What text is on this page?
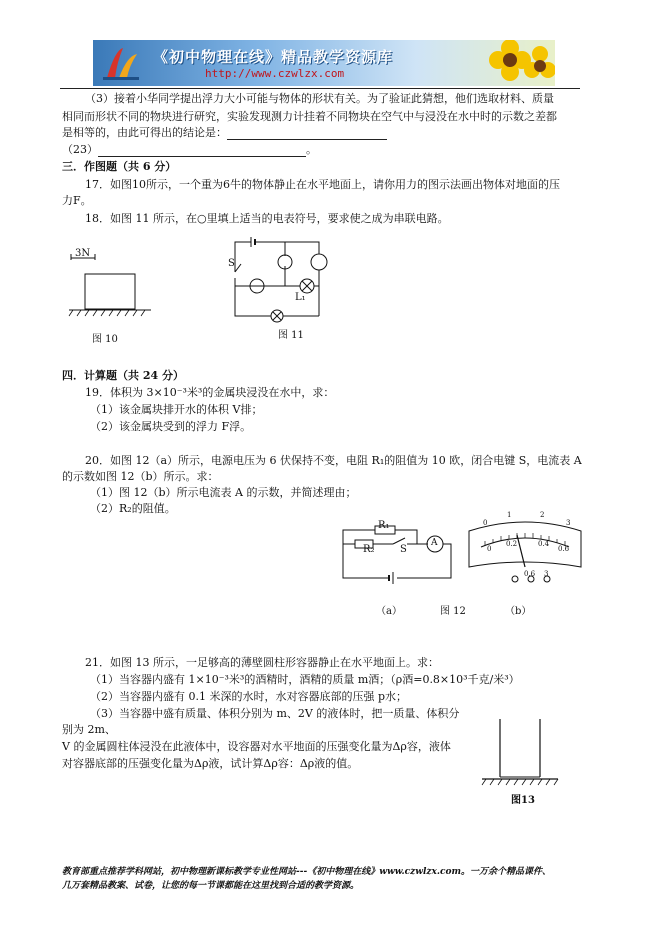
《初中物理在线》精品教学资源库
http://www.czwlzx.com
（3）接着小华同学提出浮力大小可能与物体的形状有关。为了验证此猜想，他们选取材料、质量
相同而形状不同的物块进行研究，实验发现测力计挂着不同物块在空气中与浸没在水中时的示数之差都
是相等的，由此可得出的结论是：
（23）	。
三．作图题（共 6 分）
17．如图10所示，一个重为6牛的物体静止在水平地面上，请你用力的图示法画出物体对地面的压
力F。
18．如图 11 所示，在○里填上适当的电表符号，要求使之成为串联电路。
3N
图 10
S
L₁
图 11
四．计算题（共 24 分）
19．体积为 3×10⁻³米³的金属块浸没在水中，求：
（1）该金属块排开水的体积 V排；
（2）该金属块受到的浮力 F浮。
20．如图 12（a）所示，电源电压为 6 伏保持不变，电阻 R₁的阻值为 10 欧，闭合电键 S，电流表 A
的示数如图 12（b）所示。求：
（1）图 12（b）所示电流表 A 的示数，并简述理由；
（2）R₂的阻值。
R₁
R₂	S
A
0
1	2
3
0
0.2	0.4
0.6
0.6 3
（a）	图 12	（b）
21．如图 13 所示，一足够高的薄壁圆柱形容器静止在水平地面上。求：
（1）当容器内盛有 1×10⁻³米³的酒精时，酒精的质量 m酒；（ρ酒=0.8×10³千克/米³）
（2）当容器内盛有 0.1 米深的水时，水对容器底部的压强 p水；
（3）当容器中盛有质量、体积分别为 m、2V 的液体时，把一质量、体积分
别为 2m、
V 的金属圆柱体浸没在此液体中，设容器对水平地面的压强变化量为Δρ容，液体
对容器底部的压强变化量为Δρ液，试计算Δρ容：Δρ液的值。
图13
教育部重点推荐学科网站，初中物理新课标教学专业性网站---《初中物理在线》www.czwlzx.com。一万余个精品课件、
几万套精品教案、试卷，让您的每一节课都能在这里找到合适的教学资源。
